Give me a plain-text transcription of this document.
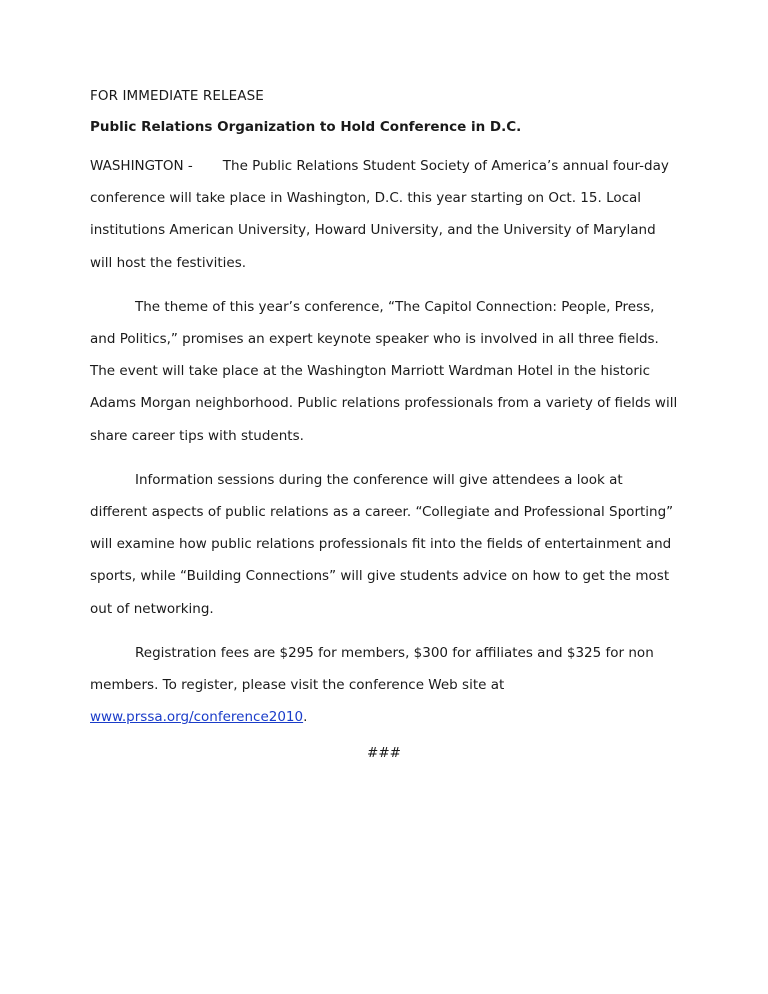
FOR IMMEDIATE RELEASE
Public Relations Organization to Hold Conference in D.C.

WASHINGTON - The Public Relations Student Society of America’s annual four-day conference will take place in Washington, D.C. this year starting on Oct. 15. Local institutions American University, Howard University, and the University of Maryland will host the festivities.

The theme of this year’s conference, “The Capitol Connection: People, Press, and Politics,” promises an expert keynote speaker who is involved in all three fields. The event will take place at the Washington Marriott Wardman Hotel in the historic Adams Morgan neighborhood. Public relations professionals from a variety of fields will share career tips with students.

Information sessions during the conference will give attendees a look at different aspects of public relations as a career. “Collegiate and Professional Sporting” will examine how public relations professionals fit into the fields of entertainment and sports, while “Building Connections” will give students advice on how to get the most out of networking.

Registration fees are $295 for members, $300 for affiliates and $325 for non members. To register, please visit the conference Web site at www.prssa.org/conference2010.

###
